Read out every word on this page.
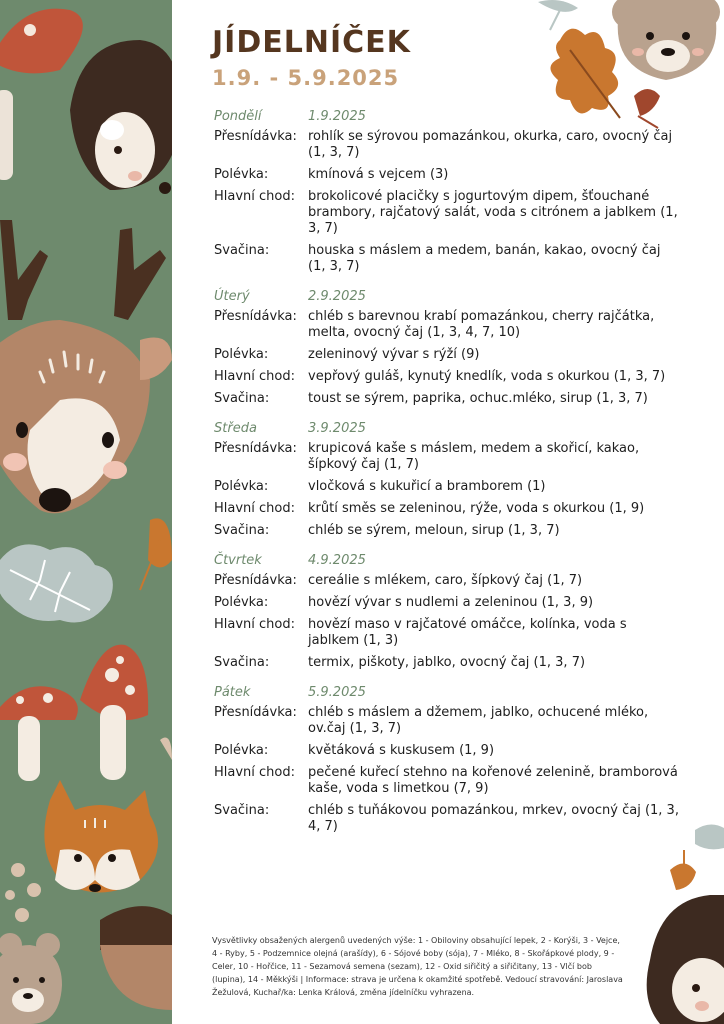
JÍDELNÍČEK
1.9. - 5.9.2025
Pondělí	1.9.2025
Přesnídávka: rohlík se sýrovou pomazánkou, okurka, caro, ovocný čaj (1, 3, 7)
Polévka:	kmínová s vejcem (3)
Hlavní chod: brokolicové placičky s jogurtovým dipem, šťouchané brambory, rajčatový salát, voda s citrónem a jablkem (1, 3, 7)
Svačina:	houska s máslem a medem, banán, kakao, ovocný čaj (1, 3, 7)
Úterý	2.9.2025
Přesnídávka: chléb s barevnou krabí pomazánkou, cherry rajčátka, melta, ovocný čaj (1, 3, 4, 7, 10)
Polévka:	zeleninový vývar s rýží (9)
Hlavní chod: vepřový guláš, kynutý knedlík, voda s okurkou (1, 3, 7)
Svačina:	toust se sýrem, paprika, ochuc.mléko, sirup (1, 3, 7)
Středa	3.9.2025
Přesnídávka: krupicová kaše s máslem, medem a skořicí, kakao, šípkový čaj (1, 7)
Polévka:	vločková s kukuřicí a bramborem (1)
Hlavní chod: krůtí směs se zeleninou, rýže, voda s okurkou (1, 9)
Svačina:	chléb se sýrem, meloun, sirup (1, 3, 7)
Čtvrtek	4.9.2025
Přesnídávka: cereálie s mlékem, caro, šípkový čaj (1, 7)
Polévka:	hovězí vývar s nudlemi a zeleninou (1, 3, 9)
Hlavní chod: hovězí maso v rajčatové omáčce, kolínka, voda s jablkem (1, 3)
Svačina:	termix, piškoty, jablko, ovocný čaj (1, 3, 7)
Pátek	5.9.2025
Přesnídávka: chléb s máslem a džemem, jablko, ochucené mléko, ov.čaj (1, 3, 7)
Polévka:	květáková s kuskusem (1, 9)
Hlavní chod: pečené kuřecí stehno na kořenové zelenině, bramborová kaše, voda s limetkou (7, 9)
Svačina:	chléb s tuňákovou pomazánkou, mrkev, ovocný čaj (1, 3, 4, 7)
Vysvětlivky obsažených alergenů uvedených výše: 1 - Obiloviny obsahující lepek, 2 - Korýši, 3 - Vejce, 4 - Ryby, 5 - Podzemnice olejná (arašídy), 6 - Sójové boby (sója), 7 - Mléko, 8 - Skořápkové plody, 9 - Celer, 10 - Hořčice, 11 - Sezamová semena (sezam), 12 - Oxid siřičitý a siřičitany, 13 - Vlčí bob (lupina), 14 - Měkkýši | Informace: strava je určena k okamžité spotřebě. Vedoucí stravování: Jaroslava Žežulová, Kuchař/ka: Lenka Králová, změna jídelníčku vyhrazena.
